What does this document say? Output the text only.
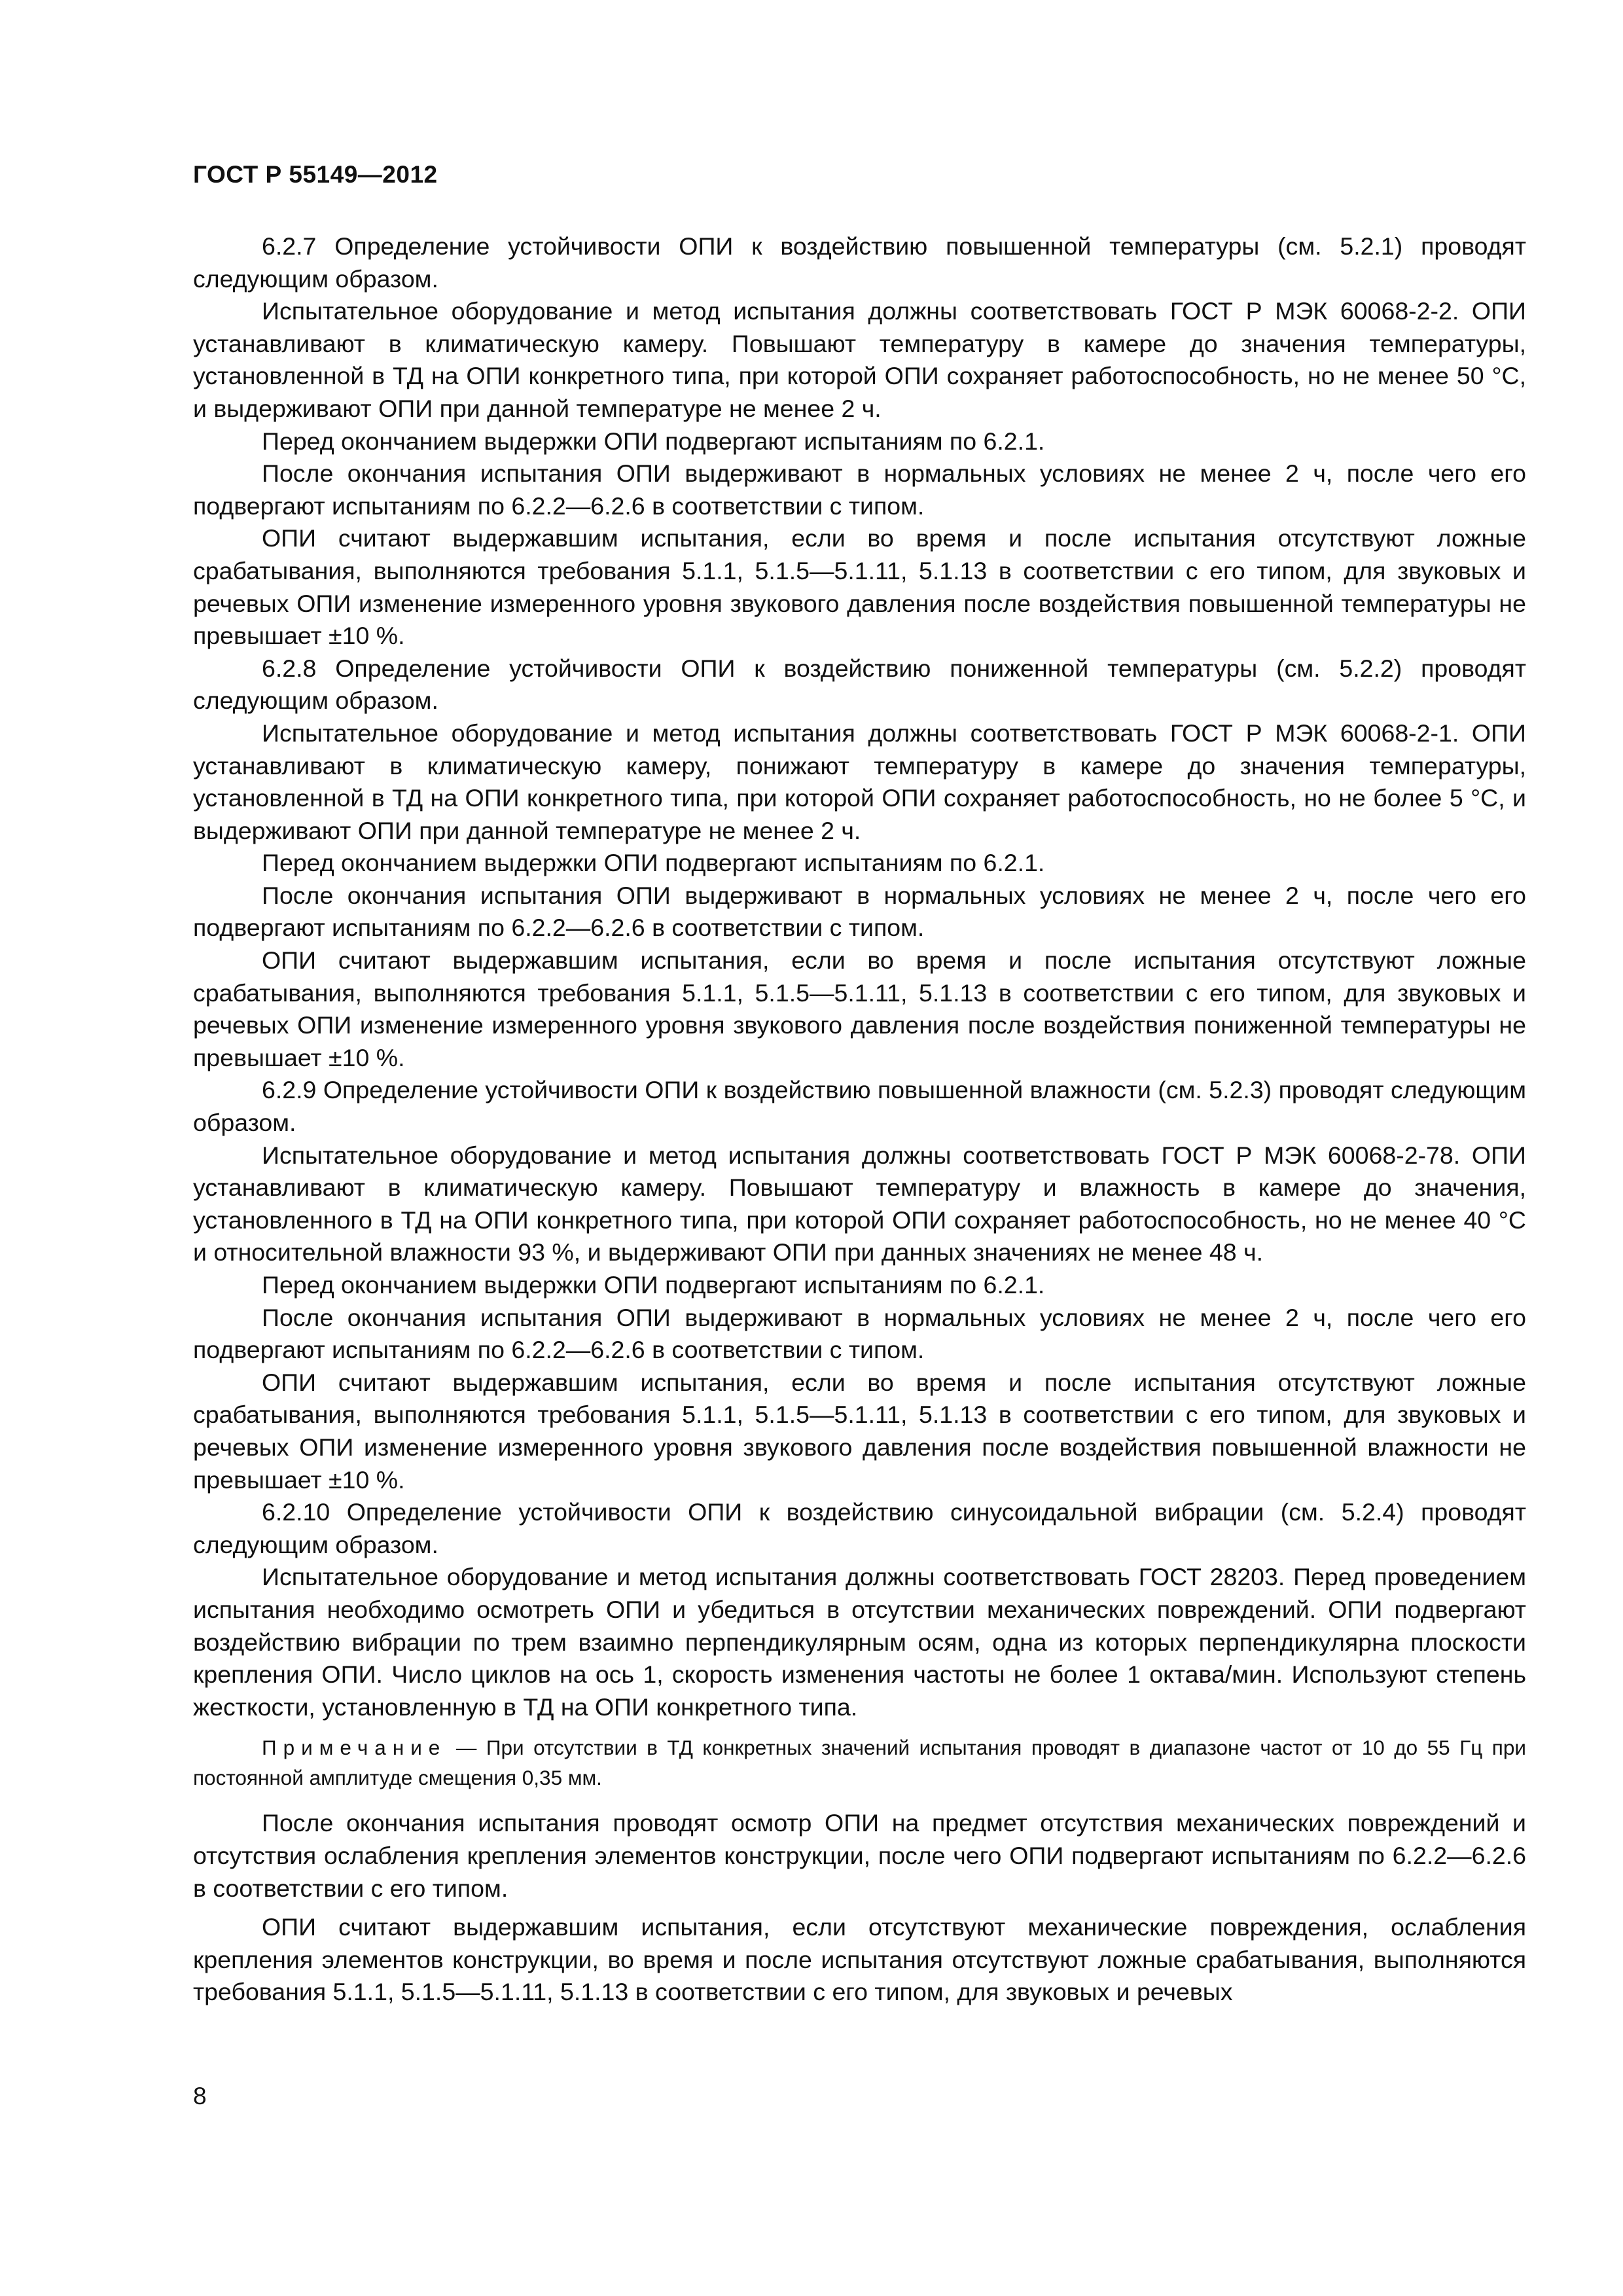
ГОСТ Р 55149—2012

6.2.7 Определение устойчивости ОПИ к воздействию повышенной температуры (см. 5.2.1) проводят следующим образом.

Испытательное оборудование и метод испытания должны соответствовать ГОСТ Р МЭК 60068-2-2. ОПИ устанавливают в климатическую камеру. Повышают температуру в камере до значения температуры, установленной в ТД на ОПИ конкретного типа, при которой ОПИ сохраняет работоспособность, но не менее 50 °С, и выдерживают ОПИ при данной температуре не менее 2 ч.

Перед окончанием выдержки ОПИ подвергают испытаниям по 6.2.1.

После окончания испытания ОПИ выдерживают в нормальных условиях не менее 2 ч, после чего его подвергают испытаниям по 6.2.2—6.2.6 в соответствии с типом.

ОПИ считают выдержавшим испытания, если во время и после испытания отсутствуют ложные срабатывания, выполняются требования 5.1.1, 5.1.5—5.1.11, 5.1.13 в соответствии с его типом, для звуковых и речевых ОПИ изменение измеренного уровня звукового давления после воздействия повышенной температуры не превышает ±10 %.

6.2.8 Определение устойчивости ОПИ к воздействию пониженной температуры (см. 5.2.2) проводят следующим образом.

Испытательное оборудование и метод испытания должны соответствовать ГОСТ Р МЭК 60068-2-1. ОПИ устанавливают в климатическую камеру, понижают температуру в камере до значения температуры, установленной в ТД на ОПИ конкретного типа, при которой ОПИ сохраняет работоспособность, но не более 5 °С, и выдерживают ОПИ при данной температуре не менее 2 ч.

Перед окончанием выдержки ОПИ подвергают испытаниям по 6.2.1.

После окончания испытания ОПИ выдерживают в нормальных условиях не менее 2 ч, после чего его подвергают испытаниям по 6.2.2—6.2.6 в соответствии с типом.

ОПИ считают выдержавшим испытания, если во время и после испытания отсутствуют ложные срабатывания, выполняются требования 5.1.1, 5.1.5—5.1.11, 5.1.13 в соответствии с его типом, для звуковых и речевых ОПИ изменение измеренного уровня звукового давления после воздействия пониженной температуры не превышает ±10 %.

6.2.9 Определение устойчивости ОПИ к воздействию повышенной влажности (см. 5.2.3) проводят следующим образом.

Испытательное оборудование и метод испытания должны соответствовать ГОСТ Р МЭК 60068-2-78. ОПИ устанавливают в климатическую камеру. Повышают температуру и влажность в камере до значения, установленного в ТД на ОПИ конкретного типа, при которой ОПИ сохраняет работоспособность, но не менее 40 °С и относительной влажности 93 %, и выдерживают ОПИ при данных значениях не менее 48 ч.

Перед окончанием выдержки ОПИ подвергают испытаниям по 6.2.1.

После окончания испытания ОПИ выдерживают в нормальных условиях не менее 2 ч, после чего его подвергают испытаниям по 6.2.2—6.2.6 в соответствии с типом.

ОПИ считают выдержавшим испытания, если во время и после испытания отсутствуют ложные срабатывания, выполняются требования 5.1.1, 5.1.5—5.1.11, 5.1.13 в соответствии с его типом, для звуковых и речевых ОПИ изменение измеренного уровня звукового давления после воздействия повышенной влажности не превышает ±10 %.

6.2.10 Определение устойчивости ОПИ к воздействию синусоидальной вибрации (см. 5.2.4) проводят следующим образом.

Испытательное оборудование и метод испытания должны соответствовать ГОСТ 28203. Перед проведением испытания необходимо осмотреть ОПИ и убедиться в отсутствии механических повреждений. ОПИ подвергают воздействию вибрации по трем взаимно перпендикулярным осям, одна из которых перпендикулярна плоскости крепления ОПИ. Число циклов на ось 1, скорость изменения частоты не более 1 октава/мин. Используют степень жесткости, установленную в ТД на ОПИ конкретного типа.

Примечание — При отсутствии в ТД конкретных значений испытания проводят в диапазоне частот от 10 до 55 Гц при постоянной амплитуде смещения 0,35 мм.

После окончания испытания проводят осмотр ОПИ на предмет отсутствия механических повреждений и отсутствия ослабления крепления элементов конструкции, после чего ОПИ подвергают испытаниям по 6.2.2—6.2.6 в соответствии с его типом.

ОПИ считают выдержавшим испытания, если отсутствуют механические повреждения, ослабления крепления элементов конструкции, во время и после испытания отсутствуют ложные срабатывания, выполняются требования 5.1.1, 5.1.5—5.1.11, 5.1.13 в соответствии с его типом, для звуковых и речевых

8
